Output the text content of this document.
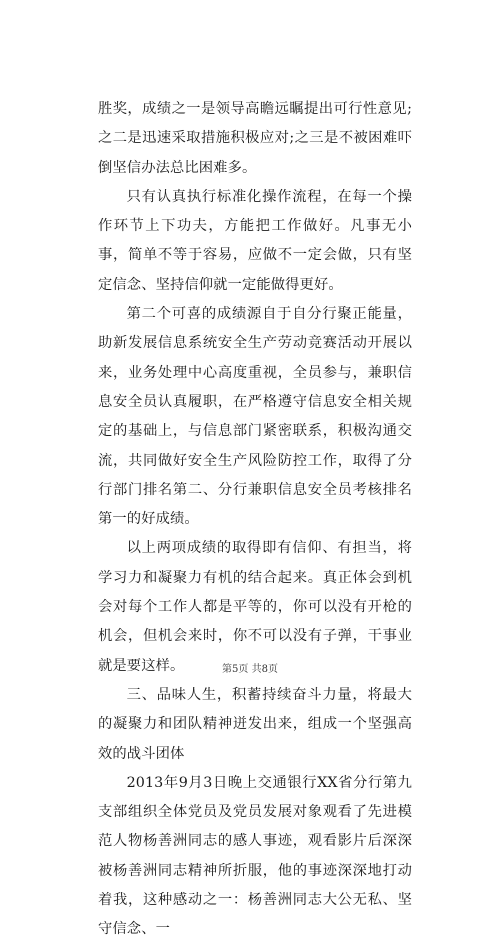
胜奖，成绩之一是领导高瞻远瞩提出可行性意见;之二是迅速采取措施积极应对;之三是不被困难吓倒坚信办法总比困难多。

只有认真执行标准化操作流程，在每一个操作环节上下功夫，方能把工作做好。凡事无小事，简单不等于容易，应做不一定会做，只有坚定信念、坚持信仰就一定能做得更好。

第二个可喜的成绩源自于自分行聚正能量，助新发展信息系统安全生产劳动竞赛活动开展以来，业务处理中心高度重视，全员参与，兼职信息安全员认真履职，在严格遵守信息安全相关规定的基础上，与信息部门紧密联系，积极沟通交流，共同做好安全生产风险防控工作，取得了分行部门排名第二、分行兼职信息安全员考核排名第一的好成绩。

以上两项成绩的取得即有信仰、有担当，将学习力和凝聚力有机的结合起来。真正体会到机会对每个工作人都是平等的，你可以没有开枪的机会，但机会来时，你不可以没有子弹，干事业就是要这样。

三、品味人生，积蓄持续奋斗力量，将最大的凝聚力和团队精神迸发出来，组成一个坚强高效的战斗团体

2013年9月3日晚上交通银行XX省分行第九支部组织全体党员及党员发展对象观看了先进模范人物杨善洲同志的感人事迹，观看影片后深深被杨善洲同志精神所折服，他的事迹深深地打动着我，这种感动之一：杨善洲同志大公无私、坚守信念、一

第5页 共8页
